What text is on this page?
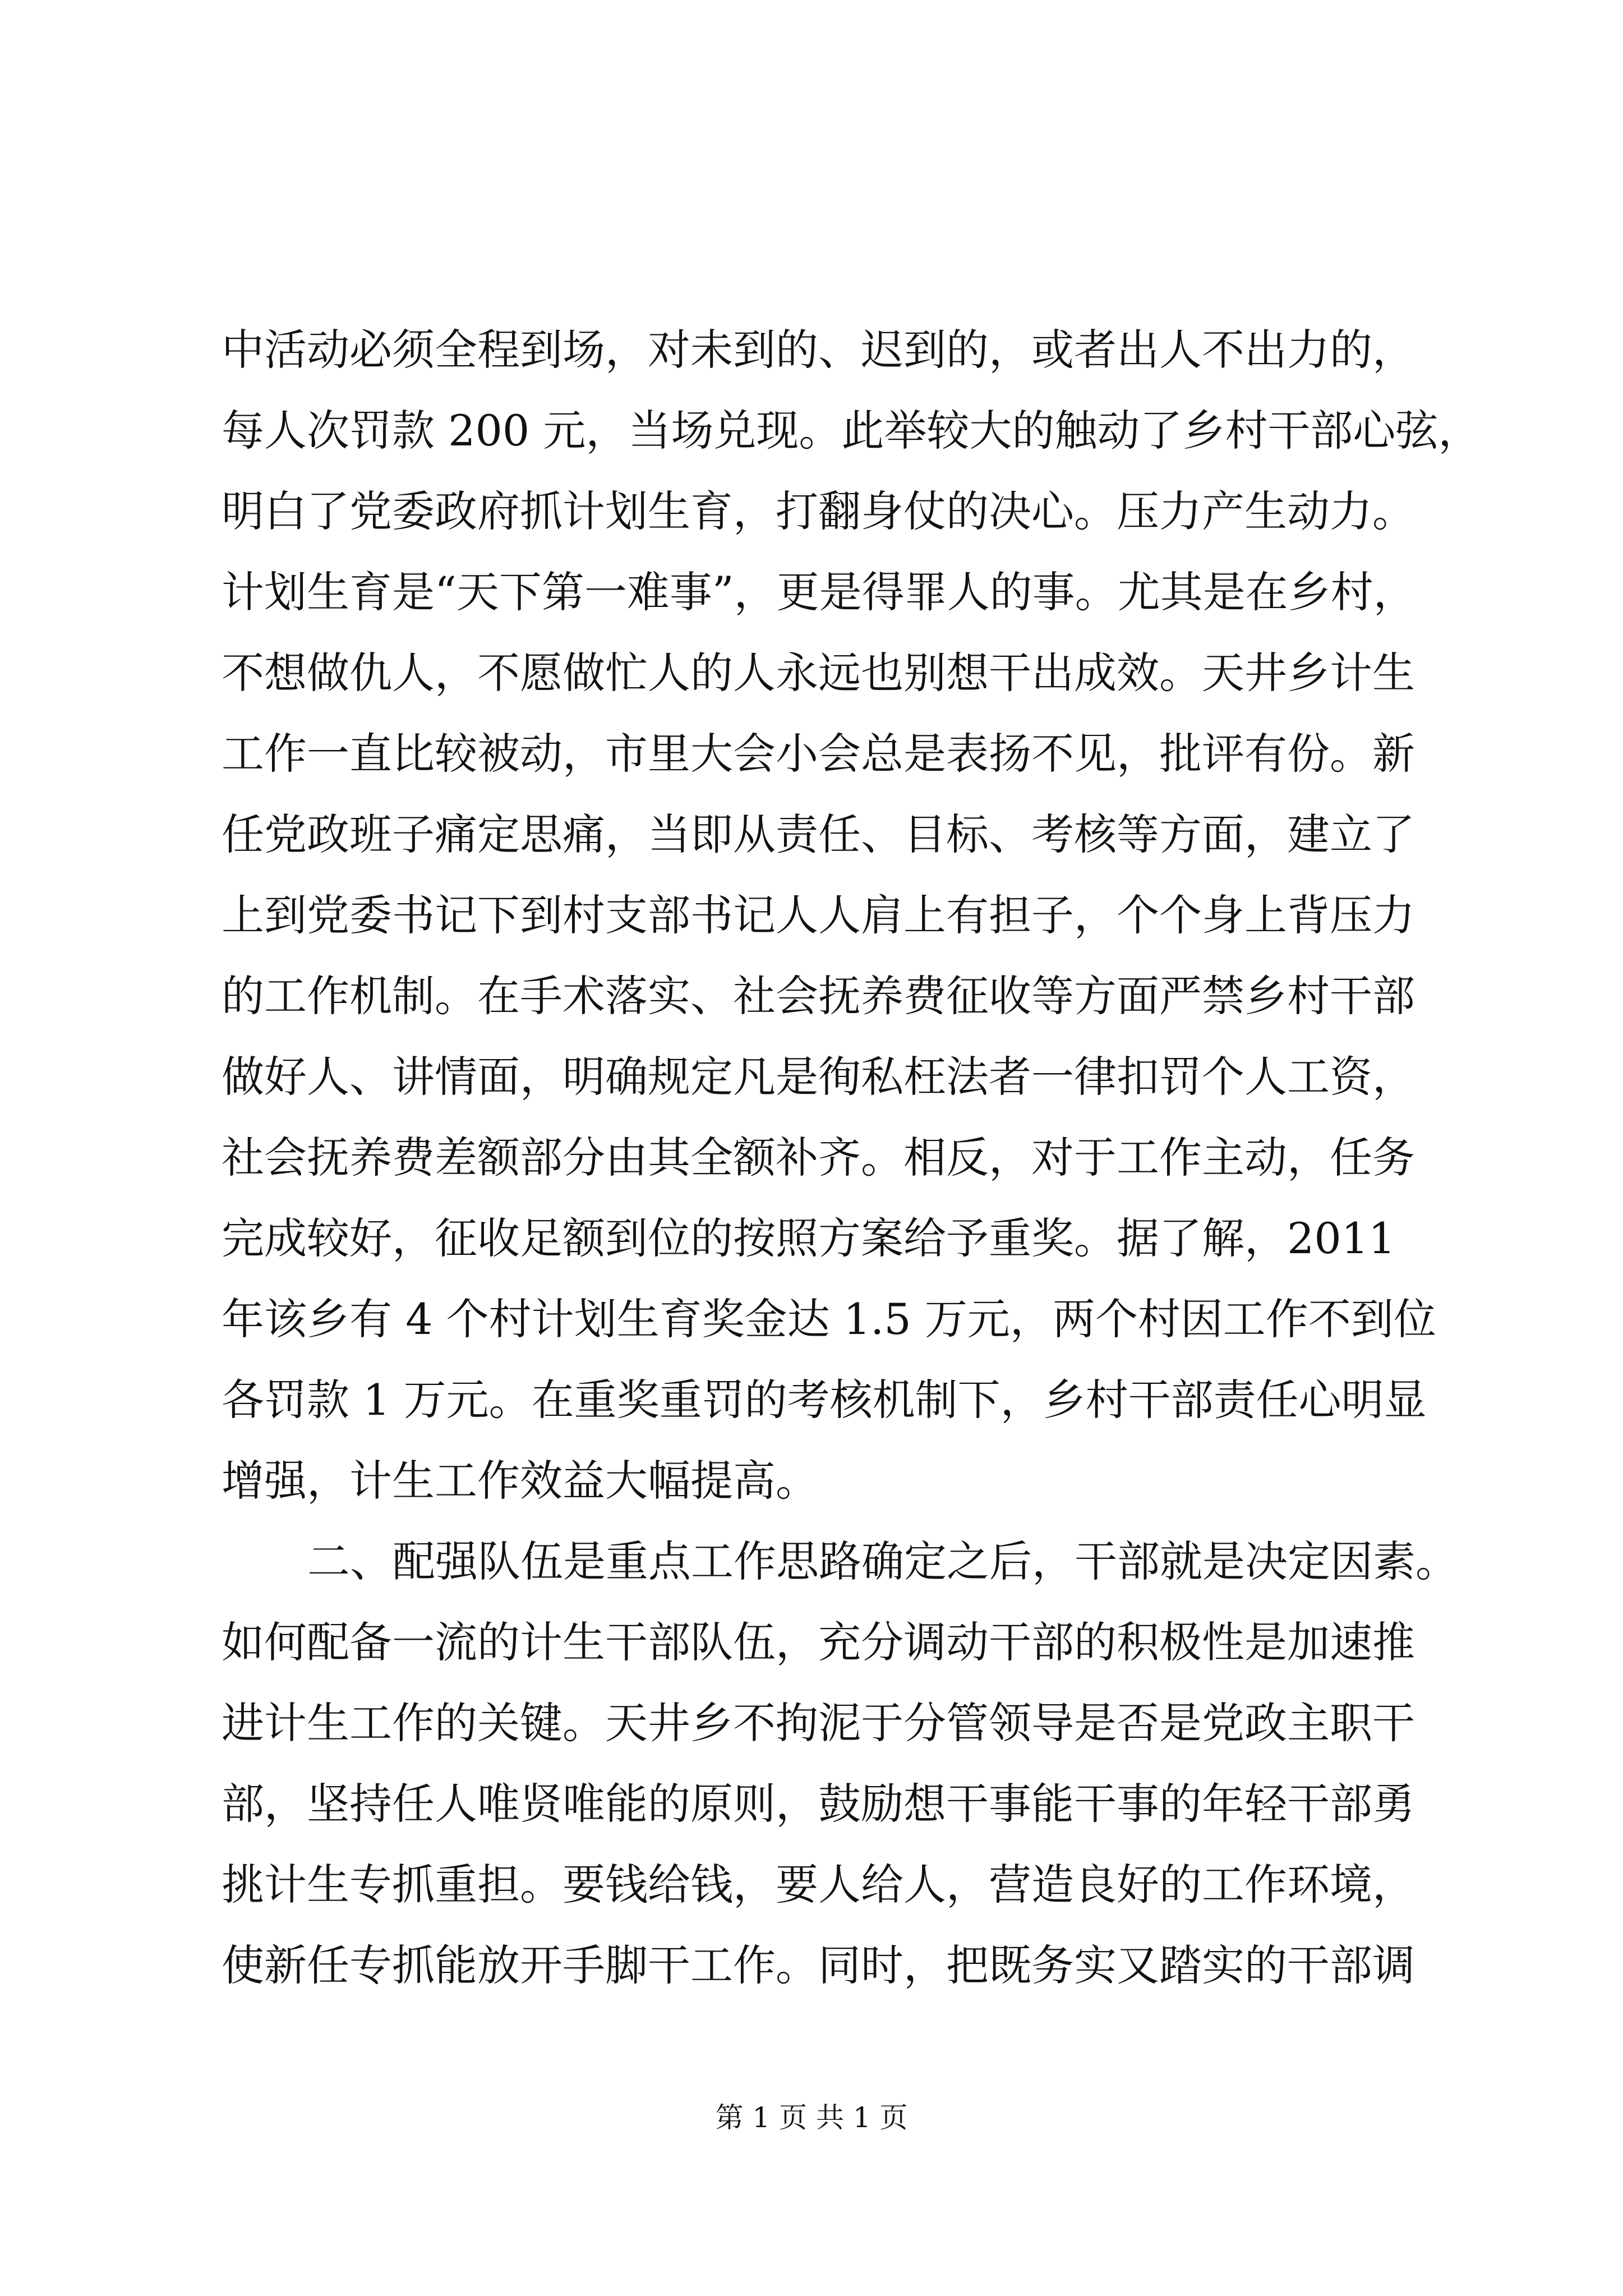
中活动必须全程到场，对未到的、迟到的，或者出人不出力的，
每人次罚款 200 元，当场兑现。此举较大的触动了乡村干部心弦，
明白了党委政府抓计划生育，打翻身仗的决心。压力产生动力。
计划生育是“天下第一难事”，更是得罪人的事。尤其是在乡村，
不想做仇人，不愿做忙人的人永远也别想干出成效。天井乡计生
工作一直比较被动，市里大会小会总是表扬不见，批评有份。新
任党政班子痛定思痛，当即从责任、目标、考核等方面，建立了
上到党委书记下到村支部书记人人肩上有担子，个个身上背压力
的工作机制。在手术落实、社会抚养费征收等方面严禁乡村干部
做好人、讲情面，明确规定凡是徇私枉法者一律扣罚个人工资，
社会抚养费差额部分由其全额补齐。相反，对于工作主动，任务
完成较好，征收足额到位的按照方案给予重奖。据了解，2011
年该乡有 4 个村计划生育奖金达 1.5 万元，两个村因工作不到位
各罚款 1 万元。在重奖重罚的考核机制下，乡村干部责任心明显
增强，计生工作效益大幅提高。
二、配强队伍是重点工作思路确定之后，干部就是决定因素。
如何配备一流的计生干部队伍，充分调动干部的积极性是加速推
进计生工作的关键。天井乡不拘泥于分管领导是否是党政主职干
部，坚持任人唯贤唯能的原则，鼓励想干事能干事的年轻干部勇
挑计生专抓重担。要钱给钱，要人给人，营造良好的工作环境，
使新任专抓能放开手脚干工作。同时，把既务实又踏实的干部调
第 1 页 共 1 页
